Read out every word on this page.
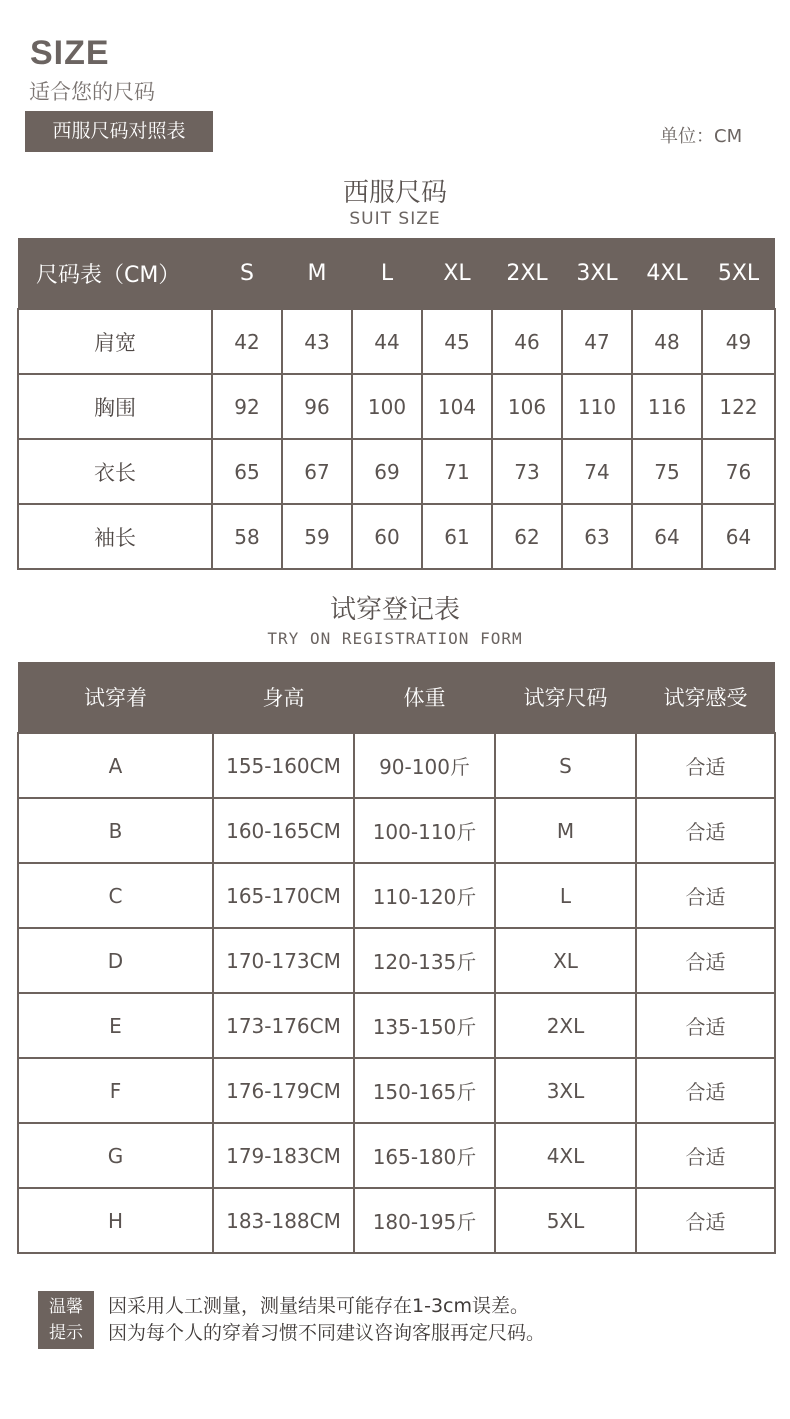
SIZE
适合您的尺码
西服尺码对照表	单位：CM
西服尺码
SUIT SIZE
尺码表（CM）	S	M	L	XL	2XL	3XL	4XL	5XL
肩宽	42	43	44	45	46	47	48	49
胸围	92	96	100	104	106	110	116	122
衣长	65	67	69	71	73	74	75	76
袖长	58	59	60	61	62	63	64	64
试穿登记表
TRY ON REGISTRATION FORM
试穿着	身高	体重	试穿尺码	试穿感受
A	155-160CM	90-100斤	S	合适
B	160-165CM	100-110斤	M	合适
C	165-170CM	110-120斤	L	合适
D	170-173CM	120-135斤	XL	合适
E	173-176CM	135-150斤	2XL	合适
F	176-179CM	150-165斤	3XL	合适
G	179-183CM	165-180斤	4XL	合适
H	183-188CM	180-195斤	5XL	合适
温馨
提示
因采用人工测量，测量结果可能存在1-3cm误差。
因为每个人的穿着习惯不同建议咨询客服再定尺码。
